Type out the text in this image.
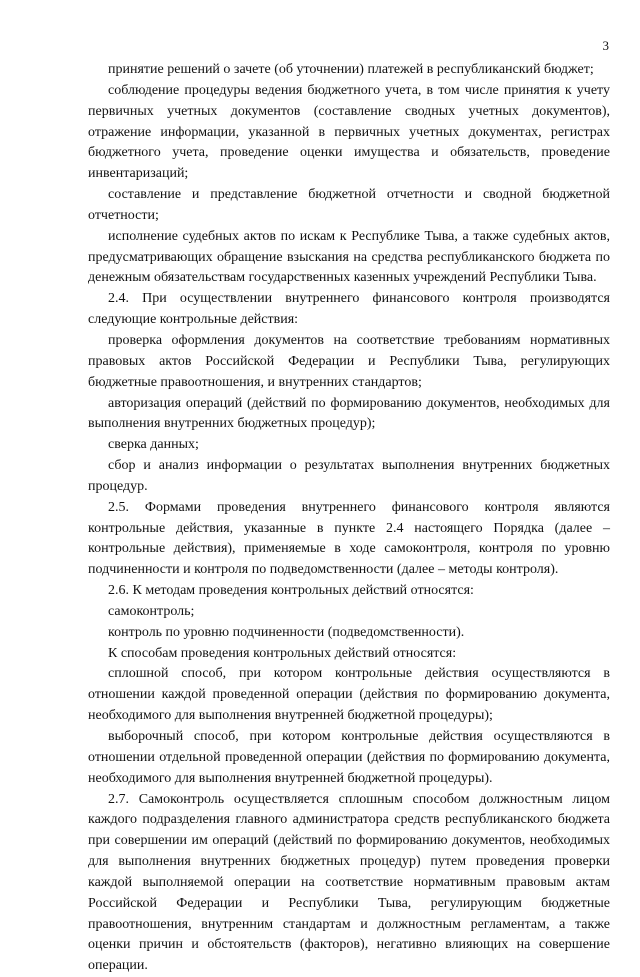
3

принятие решений о зачете (об уточнении) платежей в республиканский бюджет;

соблюдение процедуры ведения бюджетного учета, в том числе принятия к учету первичных учетных документов (составление сводных учетных документов), отражение информации, указанной в первичных учетных документах, регистрах бюджетного учета, проведение оценки имущества и обязательств, проведение инвентаризаций;

составление и представление бюджетной отчетности и сводной бюджетной отчетности;

исполнение судебных актов по искам к Республике Тыва, а также судебных актов, предусматривающих обращение взыскания на средства республиканского бюджета по денежным обязательствам государственных казенных учреждений Республики Тыва.

2.4. При осуществлении внутреннего финансового контроля производятся следующие контрольные действия:

проверка оформления документов на соответствие требованиям нормативных правовых актов Российской Федерации и Республики Тыва, регулирующих бюджетные правоотношения, и внутренних стандартов;

авторизация операций (действий по формированию документов, необходимых для выполнения внутренних бюджетных процедур);

сверка данных;

сбор и анализ информации о результатах выполнения внутренних бюджетных процедур.

2.5. Формами проведения внутреннего финансового контроля являются контрольные действия, указанные в пункте 2.4 настоящего Порядка (далее – контрольные действия), применяемые в ходе самоконтроля, контроля по уровню подчиненности и контроля по подведомственности (далее – методы контроля).

2.6. К методам проведения контрольных действий относятся:

самоконтроль;

контроль по уровню подчиненности (подведомственности).

К способам проведения контрольных действий относятся:

сплошной способ, при котором контрольные действия осуществляются в отношении каждой проведенной операции (действия по формированию документа, необходимого для выполнения внутренней бюджетной процедуры);

выборочный способ, при котором контрольные действия осуществляются в отношении отдельной проведенной операции (действия по формированию документа, необходимого для выполнения внутренней бюджетной процедуры).

2.7. Самоконтроль осуществляется сплошным способом должностным лицом каждого подразделения главного администратора средств республиканского бюджета при совершении им операций (действий по формированию документов, необходимых для выполнения внутренних бюджетных процедур) путем проведения проверки каждой выполняемой операции на соответствие нормативным правовым актам Российской Федерации и Республики Тыва, регулирующим бюджетные правоотношения, внутренним стандартам и должностным регламентам, а также оценки причин и обстоятельств (факторов), негативно влияющих на совершение операции.
